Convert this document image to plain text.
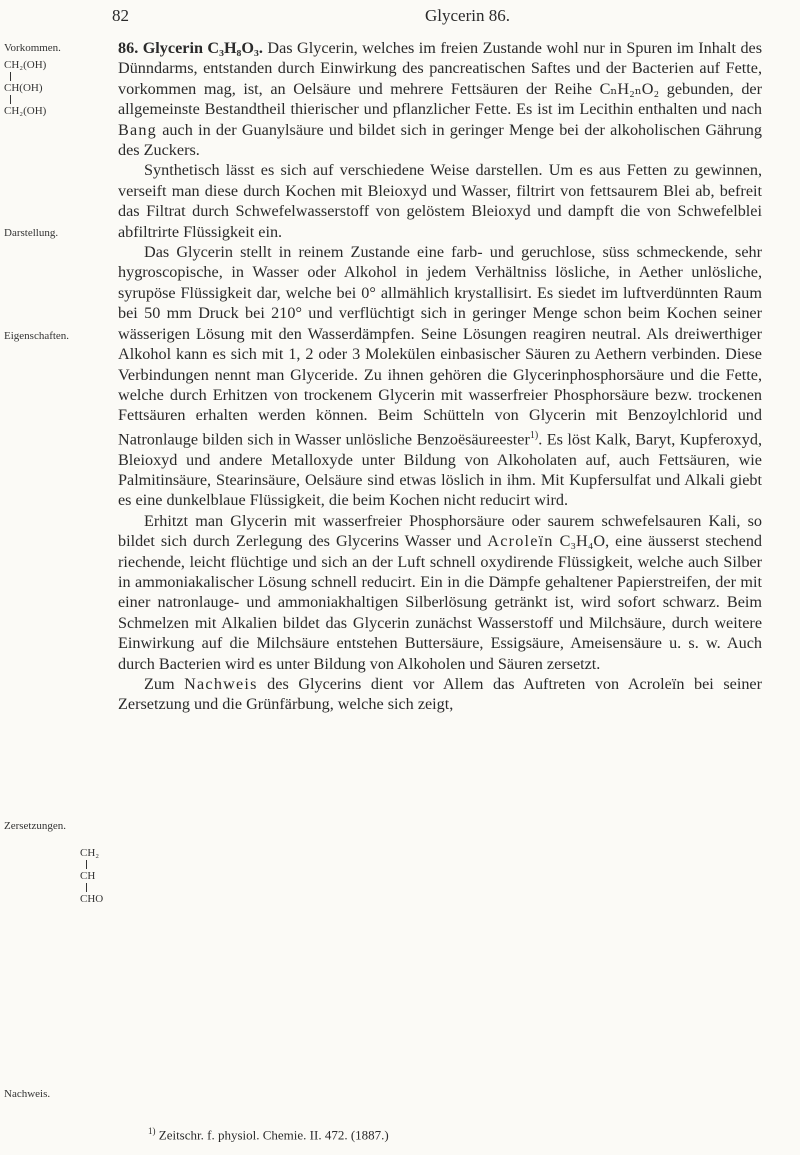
82	Glycerin 86.
Vorkommen.
CH₂(OH)
CH(OH)
CH₂(OH)
Darstellung.
Eigenschaften.
Zersetzungen.
CH₂
CH
CHO
Nachweis.

86. Glycerin C₃H₈O₃. Das Glycerin, welches im freien Zustande wohl nur in Spuren im Inhalt des Dünndarms, entstanden durch Einwirkung des pancreatischen Saftes und der Bacterien auf Fette, vorkommen mag, ist, an Oelsäure und mehrere Fettsäuren der Reihe CₙH₂ₙO₂ gebunden, der allgemeinste Bestandtheil thierischer und pflanzlicher Fette. Es ist im Lecithin enthalten und nach Bang auch in der Guanylsäure und bildet sich in geringer Menge bei der alkoholischen Gährung des Zuckers.

Synthetisch lässt es sich auf verschiedene Weise darstellen. Um es aus Fetten zu gewinnen, verseift man diese durch Kochen mit Bleioxyd und Wasser, filtrirt von fettsaurem Blei ab, befreit das Filtrat durch Schwefelwasserstoff von gelöstem Bleioxyd und dampft die von Schwefelblei abfiltrirte Flüssigkeit ein.

Das Glycerin stellt in reinem Zustande eine farb- und geruchlose, süss schmeckende, sehr hygroscopische, in Wasser oder Alkohol in jedem Verhältniss lösliche, in Aether unlösliche, syrupöse Flüssigkeit dar, welche bei 0° allmählich krystallisirt. Es siedet im luftverdünnten Raum bei 50 mm Druck bei 210° und verflüchtigt sich in geringer Menge schon beim Kochen seiner wässerigen Lösung mit den Wasserdämpfen. Seine Lösungen reagiren neutral. Als dreiwerthiger Alkohol kann es sich mit 1, 2 oder 3 Molekülen einbasischer Säuren zu Aethern verbinden. Diese Verbindungen nennt man Glyceride. Zu ihnen gehören die Glycerinphosphorsäure und die Fette, welche durch Erhitzen von trockenem Glycerin mit wasserfreier Phosphorsäure bezw. trockenen Fettsäuren erhalten werden können. Beim Schütteln von Glycerin mit Benzoylchlorid und Natronlauge bilden sich in Wasser unlösliche Benzoësäureester$^{1)}$. Es löst Kalk, Baryt, Kupferoxyd, Bleioxyd und andere Metalloxyde unter Bildung von Alkoholaten auf, auch Fettsäuren, wie Palmitinsäure, Stearinsäure, Oelsäure sind etwas löslich in ihm. Mit Kupfersulfat und Alkali giebt es eine dunkelblaue Flüssigkeit, die beim Kochen nicht reducirt wird.

Erhitzt man Glycerin mit wasserfreier Phosphorsäure oder saurem schwefelsauren Kali, so bildet sich durch Zerlegung des Glycerins Wasser und Acroleïn C₃H₄O, eine äusserst stechend riechende, leicht flüchtige und sich an der Luft schnell oxydirende Flüssigkeit, welche auch Silber in ammoniakalischer Lösung schnell reducirt. Ein in die Dämpfe gehaltener Papierstreifen, der mit einer natronlauge- und ammoniakhaltigen Silberlösung getränkt ist, wird sofort schwarz. Beim Schmelzen mit Alkalien bildet das Glycerin zunächst Wasserstoff und Milchsäure, durch weitere Einwirkung auf die Milchsäure entstehen Buttersäure, Essigsäure, Ameisensäure u. s. w. Auch durch Bacterien wird es unter Bildung von Alkoholen und Säuren zersetzt.

Zum Nachweis des Glycerins dient vor Allem das Auftreten von Acroleïn bei seiner Zersetzung und die Grünfärbung, welche sich zeigt,

$^{1)}$ Zeitschr. f. physiol. Chemie. II. 472. (1887.)
